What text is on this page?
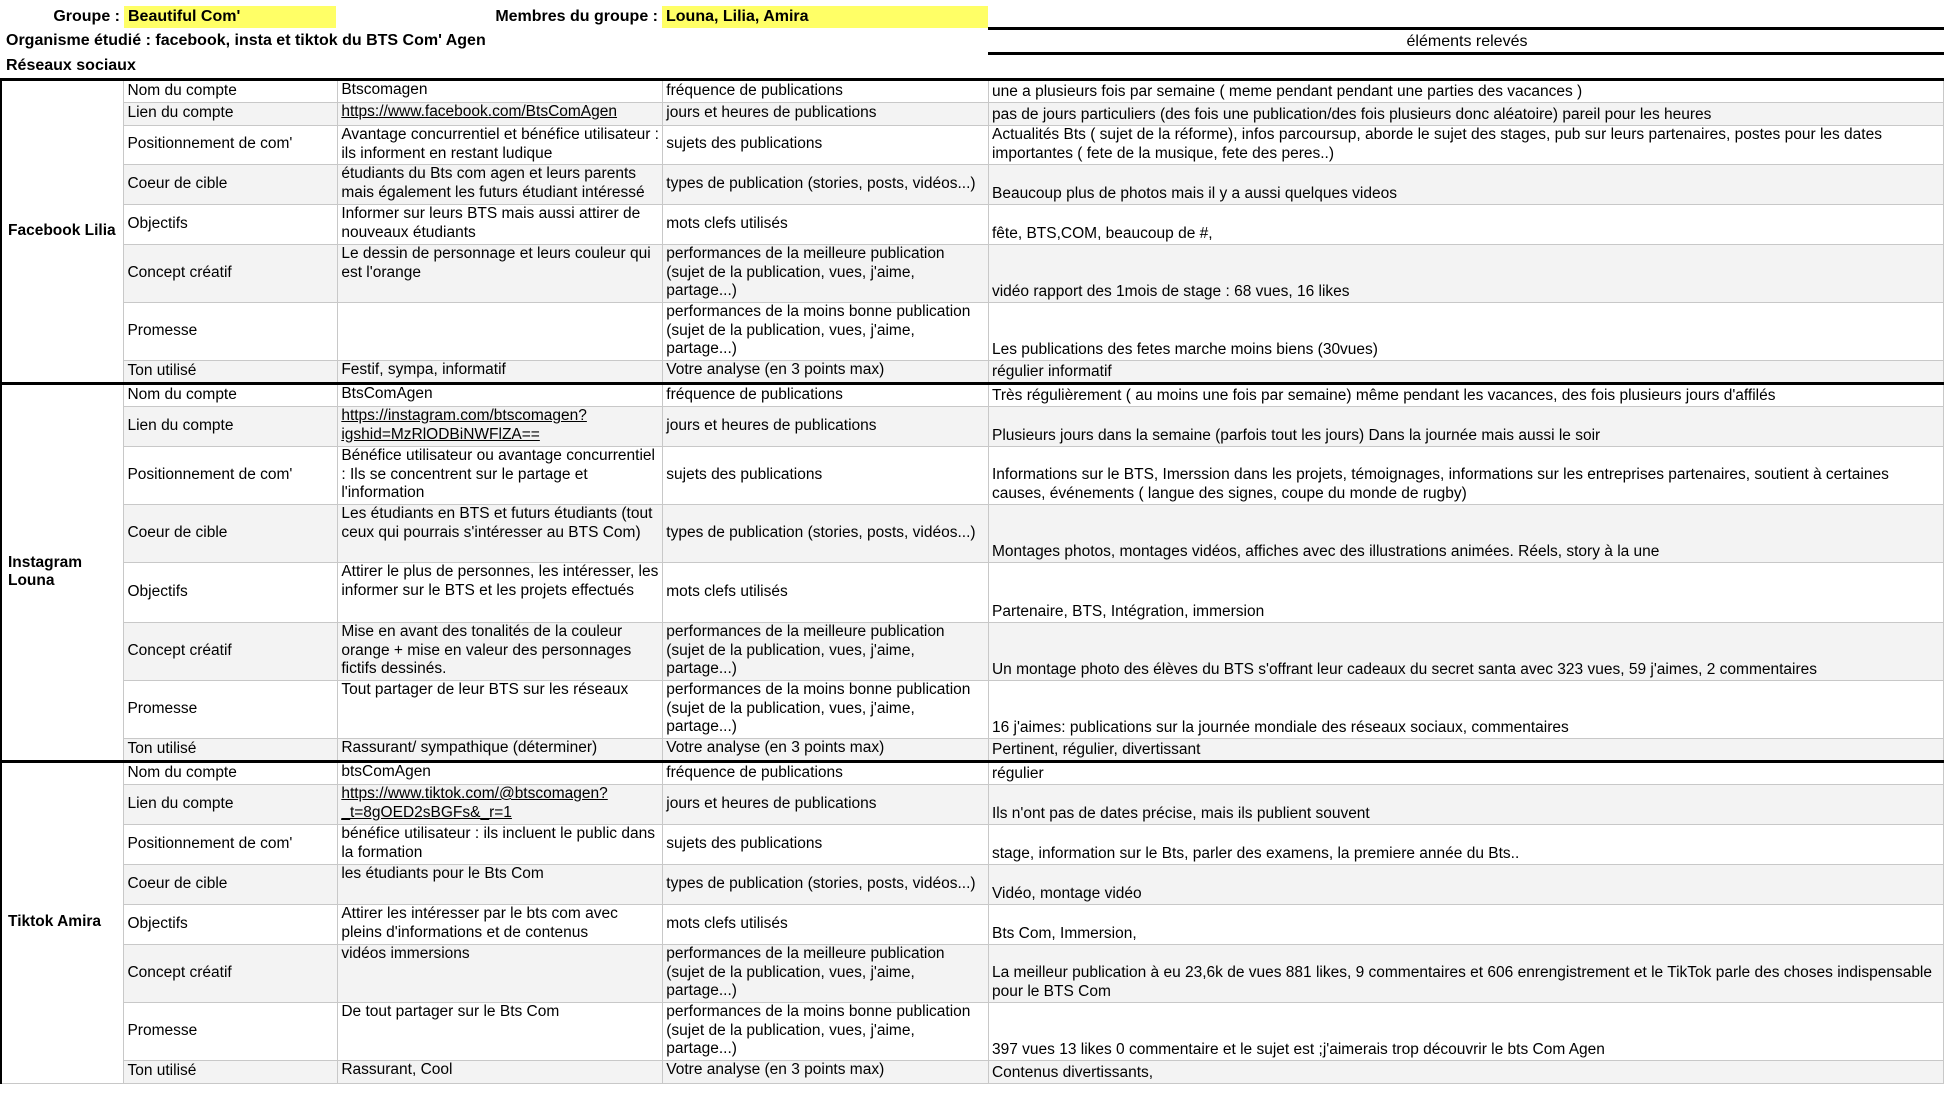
Groupe : Beautiful Com'	Membres du groupe : Louna, Lilia, Amira
Organisme étudié : facebook, insta et tiktok du BTS Com' Agen	éléments relevés
Réseaux sociaux
Facebook Lilia	Nom du compte	Btscomagen	fréquence de publications	une a plusieurs fois par semaine ( meme pendant pendant une parties des vacances )
	Lien du compte	https://www.facebook.com/BtsComAgen	jours et heures de publications	pas de jours particuliers (des fois une publication/des fois plusieurs donc aléatoire) pareil pour les heures
	Positionnement de com'	Avantage concurrentiel et bénéfice utilisateur : ils informent en restant ludique	sujets des publications	Actualités Bts ( sujet de la réforme), infos parcoursup, aborde le sujet des stages, pub sur leurs partenaires, postes pour les dates importantes ( fete de la musique, fete des peres..)
	Coeur de cible	étudiants du Bts com agen et leurs parents mais également les futurs étudiant intéressé	types de publication (stories, posts, vidéos...)	Beaucoup plus de photos mais il y a aussi quelques videos
	Objectifs	Informer sur leurs BTS mais aussi attirer de nouveaux étudiants	mots clefs utilisés	fête, BTS,COM, beaucoup de #,
	Concept créatif	Le dessin de personnage et leurs couleur qui est l'orange	performances de la meilleure publication (sujet de la publication, vues, j'aime, partage...)	vidéo rapport des 1mois de stage : 68 vues, 16 likes
	Promesse		performances de la moins bonne publication (sujet de la publication, vues, j'aime, partage...)	Les publications des fetes marche moins biens (30vues)
	Ton utilisé	Festif, sympa, informatif	Votre analyse (en 3 points max)	régulier informatif
Instagram Louna	Nom du compte	BtsComAgen	fréquence de publications	Très régulièrement ( au moins une fois par semaine) même pendant les vacances, des fois plusieurs jours d'affilés
	Lien du compte	https://instagram.com/btscomagen?igshid=MzRlODBiNWFlZA==	jours et heures de publications	Plusieurs jours dans la semaine (parfois tout les jours) Dans la journée mais aussi le soir
	Positionnement de com'	Bénéfice utilisateur ou avantage concurrentiel : Ils se concentrent sur le partage et l'information	sujets des publications	Informations sur le BTS, Imerssion dans les projets, témoignages, informations sur les entreprises partenaires, soutient à certaines causes, événements ( langue des signes, coupe du monde de rugby)
	Coeur de cible	Les étudiants en BTS et futurs étudiants (tout ceux qui pourrais s'intéresser au BTS Com)	types de publication (stories, posts, vidéos...)	Montages photos, montages vidéos, affiches avec des illustrations animées. Réels, story à la une
	Objectifs	Attirer le plus de personnes, les intéresser, les informer sur le BTS et les projets effectués	mots clefs utilisés	Partenaire, BTS, Intégration, immersion
	Concept créatif	Mise en avant des tonalités de la couleur orange + mise en valeur des personnages fictifs dessinés.	performances de la meilleure publication (sujet de la publication, vues, j'aime, partage...)	Un montage photo des élèves du BTS s'offrant leur cadeaux du secret santa avec 323 vues, 59 j'aimes, 2 commentaires
	Promesse	Tout partager de leur BTS sur les réseaux	performances de la moins bonne publication (sujet de la publication, vues, j'aime, partage...)	16 j'aimes: publications sur la journée mondiale des réseaux sociaux, commentaires
	Ton utilisé	Rassurant/ sympathique (déterminer)	Votre analyse (en 3 points max)	Pertinent, régulier, divertissant
Tiktok Amira	Nom du compte	btsComAgen	fréquence de publications	régulier
	Lien du compte	https://www.tiktok.com/@btscomagen?_t=8gOED2sBGFs&_r=1	jours et heures de publications	Ils n'ont pas de dates précise, mais ils publient souvent
	Positionnement de com'	bénéfice utilisateur : ils incluent le public dans la formation	sujets des publications	stage, information sur le Bts, parler des examens, la premiere année du Bts..
	Coeur de cible	les étudiants pour le Bts Com	types de publication (stories, posts, vidéos...)	Vidéo, montage vidéo
	Objectifs	Attirer les intéresser par le bts com avec pleins d'informations et de contenus	mots clefs utilisés	Bts Com, Immersion,
	Concept créatif	vidéos immersions	performances de la meilleure publication (sujet de la publication, vues, j'aime, partage...)	La meilleur publication à eu 23,6k de vues 881 likes, 9 commentaires et 606 enrengistrement et le TikTok parle des choses indispensable pour le BTS Com
	Promesse	De tout partager sur le Bts Com	performances de la moins bonne publication (sujet de la publication, vues, j'aime, partage...)	397 vues 13 likes 0 commentaire et le sujet est ;j'aimerais trop découvrir le bts Com Agen
	Ton utilisé	Rassurant, Cool	Votre analyse (en 3 points max)	Contenus divertissants,
